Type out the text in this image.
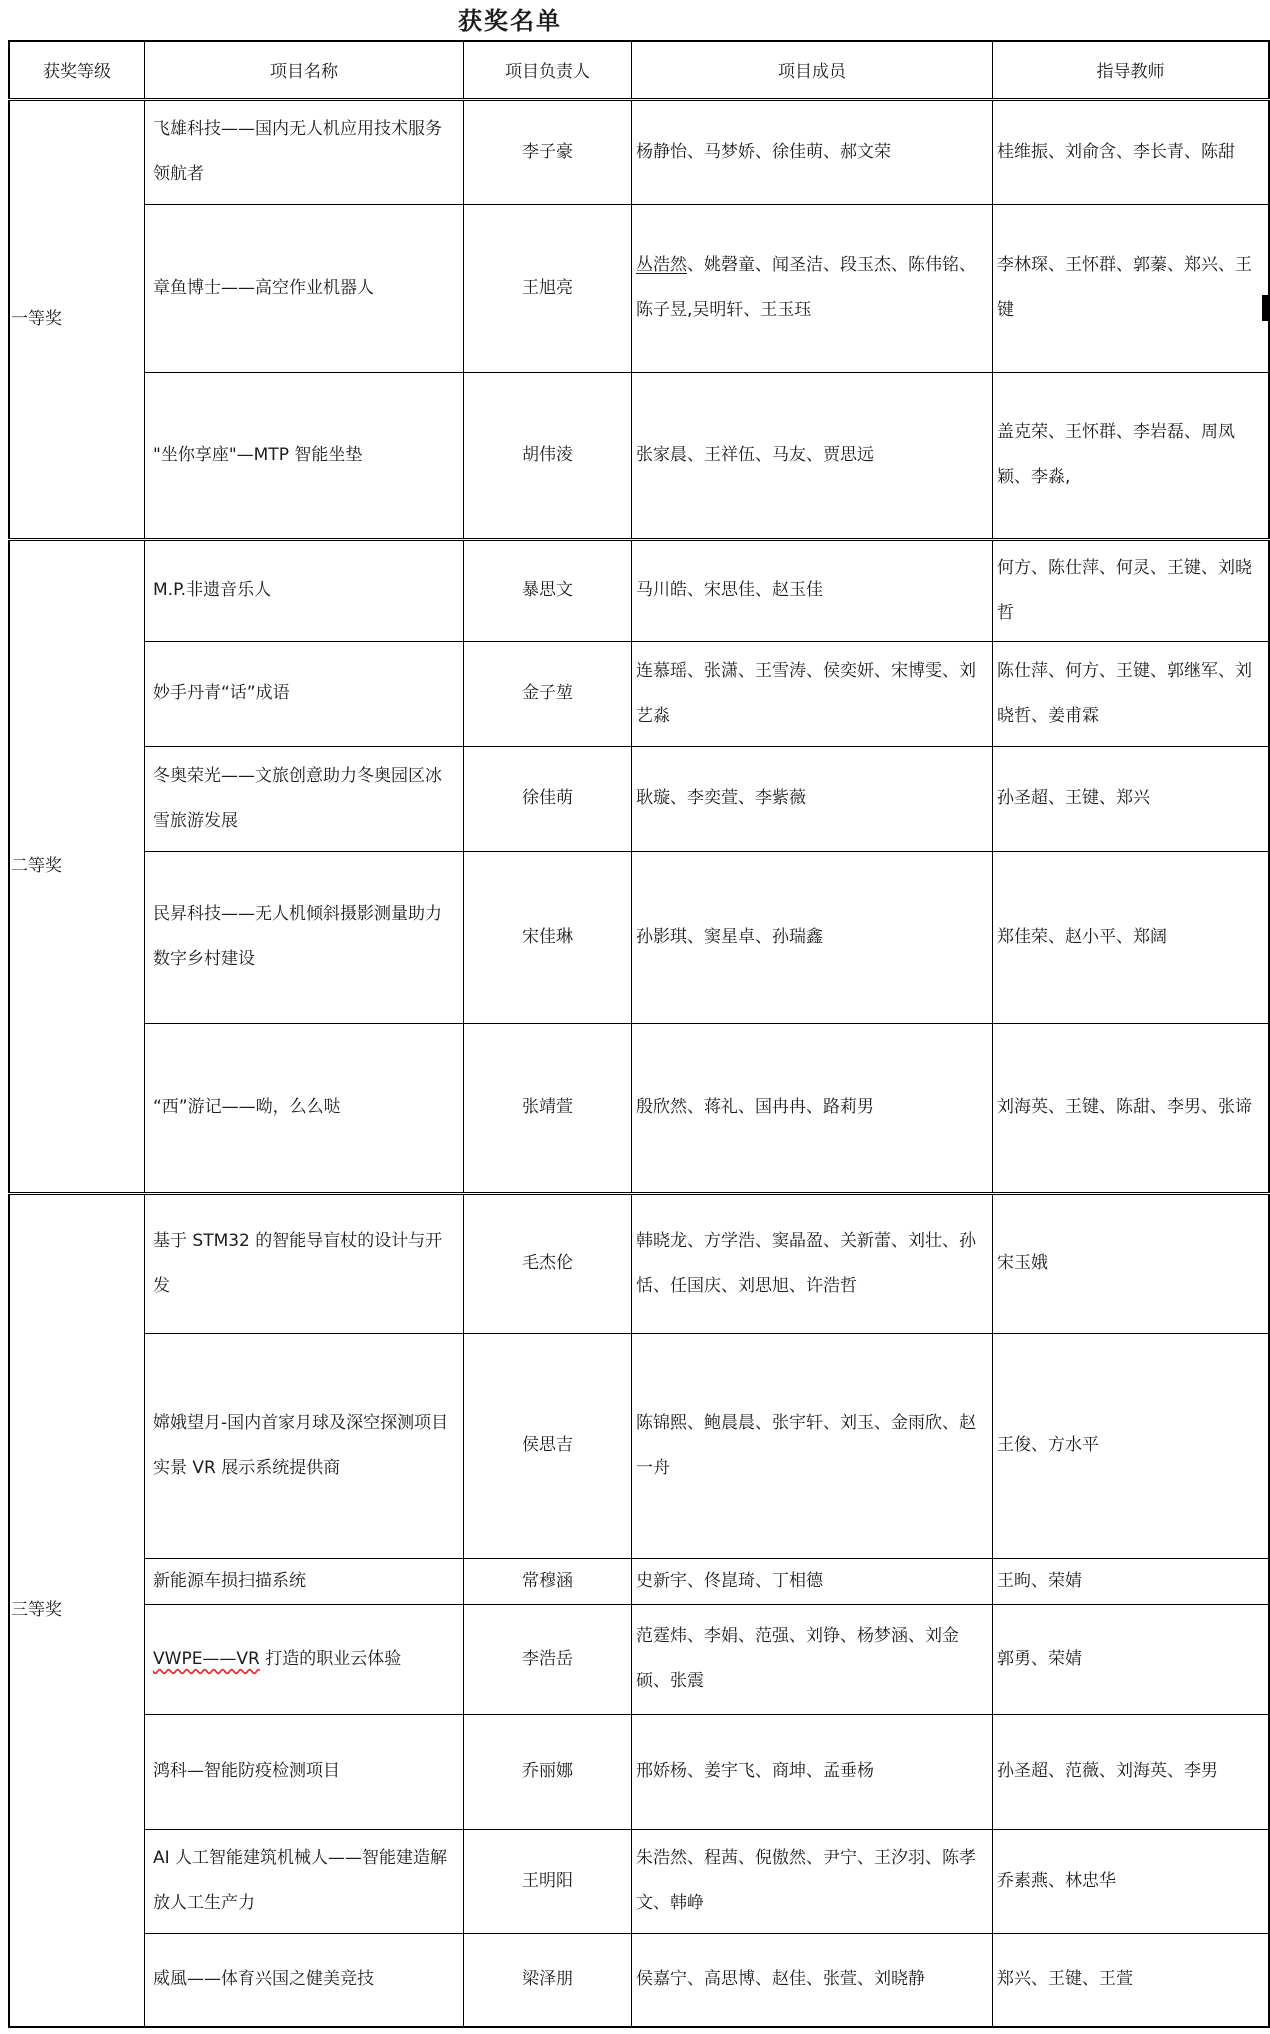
获奖名单
获奖等级	项目名称	项目负责人	项目成员	指导教师
一等奖	飞雄科技——国内无人机应用技术服务领航者	李子豪	杨静怡、马梦娇、徐佳萌、郝文荣	桂维振、刘俞含、李长青、陈甜
	章鱼博士——高空作业机器人	王旭亮	丛浩然、姚磬童、闻圣洁、段玉杰、陈伟铭、陈子昱,吴明轩、王玉珏	李林琛、王怀群、郭蓁、郑兴、王键
	"坐你享座"—MTP 智能坐垫	胡伟淩	张家晨、王祥伍、马友、贾思远	盖克荣、王怀群、李岩磊、周凤颖、李淼,
二等奖	M.P.非遗音乐人	暴思文	马川皓、宋思佳、赵玉佳	何方、陈仕萍、何灵、王键、刘晓哲
	妙手丹青“话”成语	金子堃	连慕瑶、张潇、王雪涛、侯奕妍、宋博雯、刘艺淼	陈仕萍、何方、王键、郭继军、刘晓哲、姜甫霖
	冬奥荣光——文旅创意助力冬奥园区冰雪旅游发展	徐佳萌	耿璇、李奕萱、李紫薇	孙圣超、王键、郑兴
	民昇科技——无人机倾斜摄影测量助力数字乡村建设	宋佳琳	孙影琪、窦星卓、孙瑞鑫	郑佳荣、赵小平、郑阔
	“西”游记——呦，么么哒	张靖萱	殷欣然、蒋礼、国冉冉、路莉男	刘海英、王键、陈甜、李男、张谛
三等奖	基于 STM32 的智能导盲杖的设计与开发	毛杰伦	韩晓龙、方学浩、窦晶盈、关新蕾、刘壮、孙恬、任国庆、刘思旭、许浩哲	宋玉娥
	嫦娥望月-国内首家月球及深空探测项目实景 VR 展示系统提供商	侯思吉	陈锦熙、鲍晨晨、张宇轩、刘玉、金雨欣、赵一舟	王俊、方水平
	新能源车损扫描系统	常穆涵	史新宇、佟崑琦、丁相德	王昫、荣婧
	VWPE——VR 打造的职业云体验	李浩岳	范霆炜、李娟、范强、刘铮、杨梦涵、刘金硕、张震	郭勇、荣婧
	鸿科—智能防疫检测项目	乔丽娜	邢娇杨、姜宇飞、商坤、孟垂杨	孙圣超、范薇、刘海英、李男
	AI 人工智能建筑机械人——智能建造解放人工生产力	王明阳	朱浩然、程茜、倪傲然、尹宁、王汐羽、陈孝文、韩峥	乔素燕、林忠华
	威風——体育兴国之健美竞技	梁泽朋	侯嘉宁、高思博、赵佳、张萱、刘晓静	郑兴、王键、王萱
